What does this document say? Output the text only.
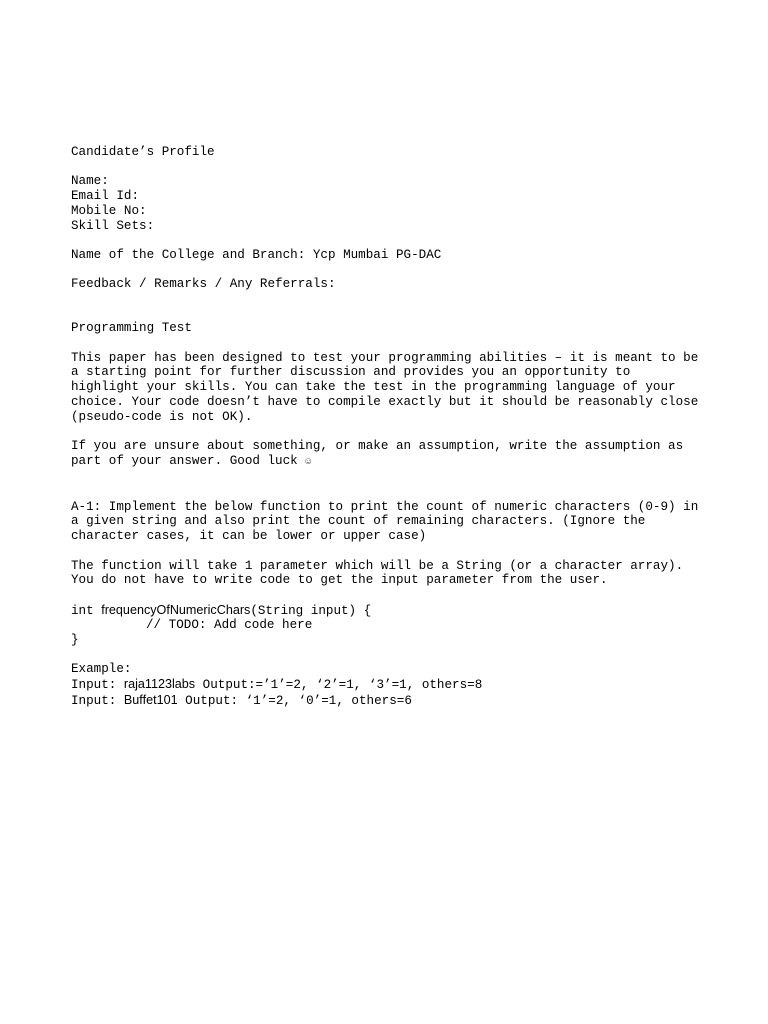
Candidate’s Profile
Name:
Email Id:
Mobile No:
Skill Sets:
Name of the College and Branch: Ycp Mumbai PG-DAC
Feedback / Remarks / Any Referrals:
Programming Test
This paper has been designed to test your programming abilities – it is meant to be
a starting point for further discussion and provides you an opportunity to
highlight your skills. You can take the test in the programming language of your
choice. Your code doesn’t have to compile exactly but it should be reasonably close
(pseudo-code is not OK).
If you are unsure about something, or make an assumption, write the assumption as
part of your answer. Good luck ☺
A-1: Implement the below function to print the count of numeric characters (0-9) in
a given string and also print the count of remaining characters. (Ignore the
character cases, it can be lower or upper case)
The function will take 1 parameter which will be a String (or a character array).
You do not have to write code to get the input parameter from the user.
int frequencyOfNumericChars(String input) {
// TODO: Add code here
}
Example:
Input: raja1123labs Output:=’1’=2, ‘2’=1, ‘3’=1, others=8
Input: Buffet101 Output: ‘1’=2, ‘0’=1, others=6
